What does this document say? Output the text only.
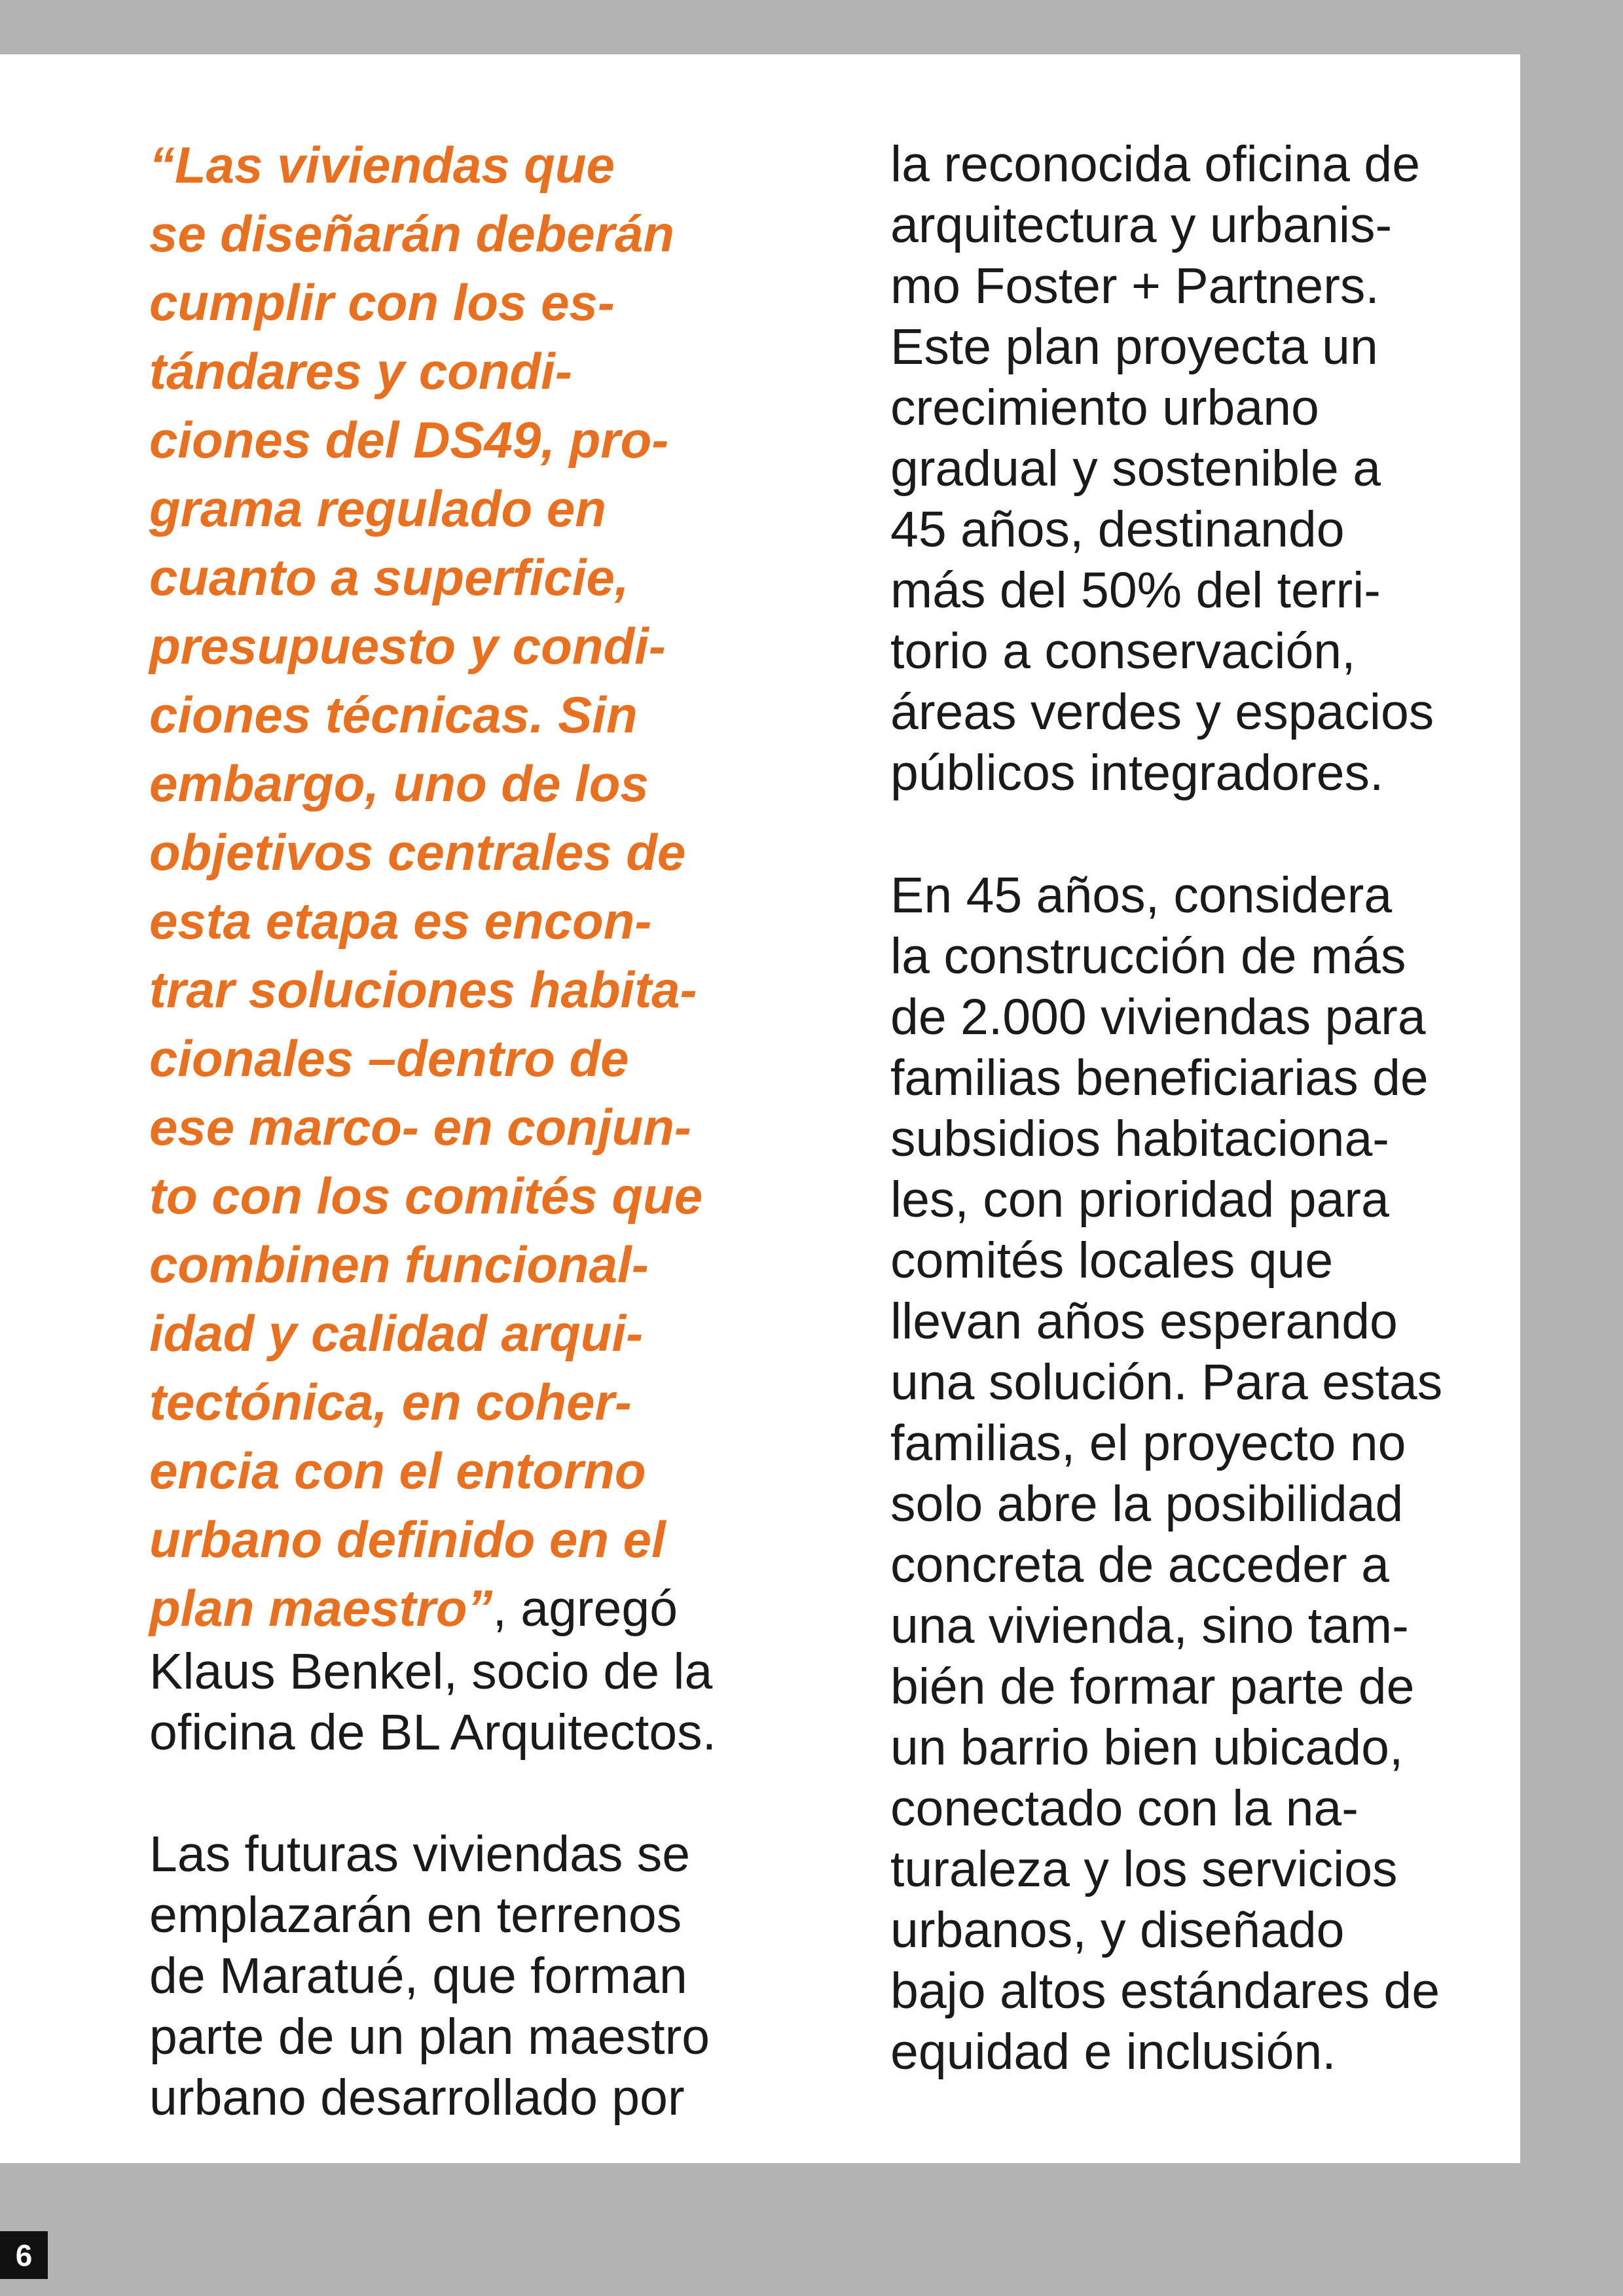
“Las viviendas que
se diseñarán deberán
cumplir con los es-
tándares y condi-
ciones del DS49, pro-
grama regulado en
cuanto a superficie,
presupuesto y condi-
ciones técnicas. Sin
embargo, uno de los
objetivos centrales de
esta etapa es encon-
trar soluciones habita-
cionales –dentro de
ese marco- en conjun-
to con los comités que
combinen funcional-
idad y calidad arqui-
tectónica, en coher-
encia con el entorno
urbano definido en el
plan maestro”, agregó
Klaus Benkel, socio de la
oficina de BL Arquitectos.
Las futuras viviendas se
emplazarán en terrenos
de Maratué, que forman
parte de un plan maestro
urbano desarrollado por
la reconocida oficina de
arquitectura y urbanis-
mo Foster + Partners.
Este plan proyecta un
crecimiento urbano
gradual y sostenible a
45 años, destinando
más del 50% del terri-
torio a conservación,
áreas verdes y espacios
públicos integradores.
En 45 años, considera
la construcción de más
de 2.000 viviendas para
familias beneficiarias de
subsidios habitaciona-
les, con prioridad para
comités locales que
llevan años esperando
una solución. Para estas
familias, el proyecto no
solo abre la posibilidad
concreta de acceder a
una vivienda, sino tam-
bién de formar parte de
un barrio bien ubicado,
conectado con la na-
turaleza y los servicios
urbanos, y diseñado
bajo altos estándares de
equidad e inclusión.
6
